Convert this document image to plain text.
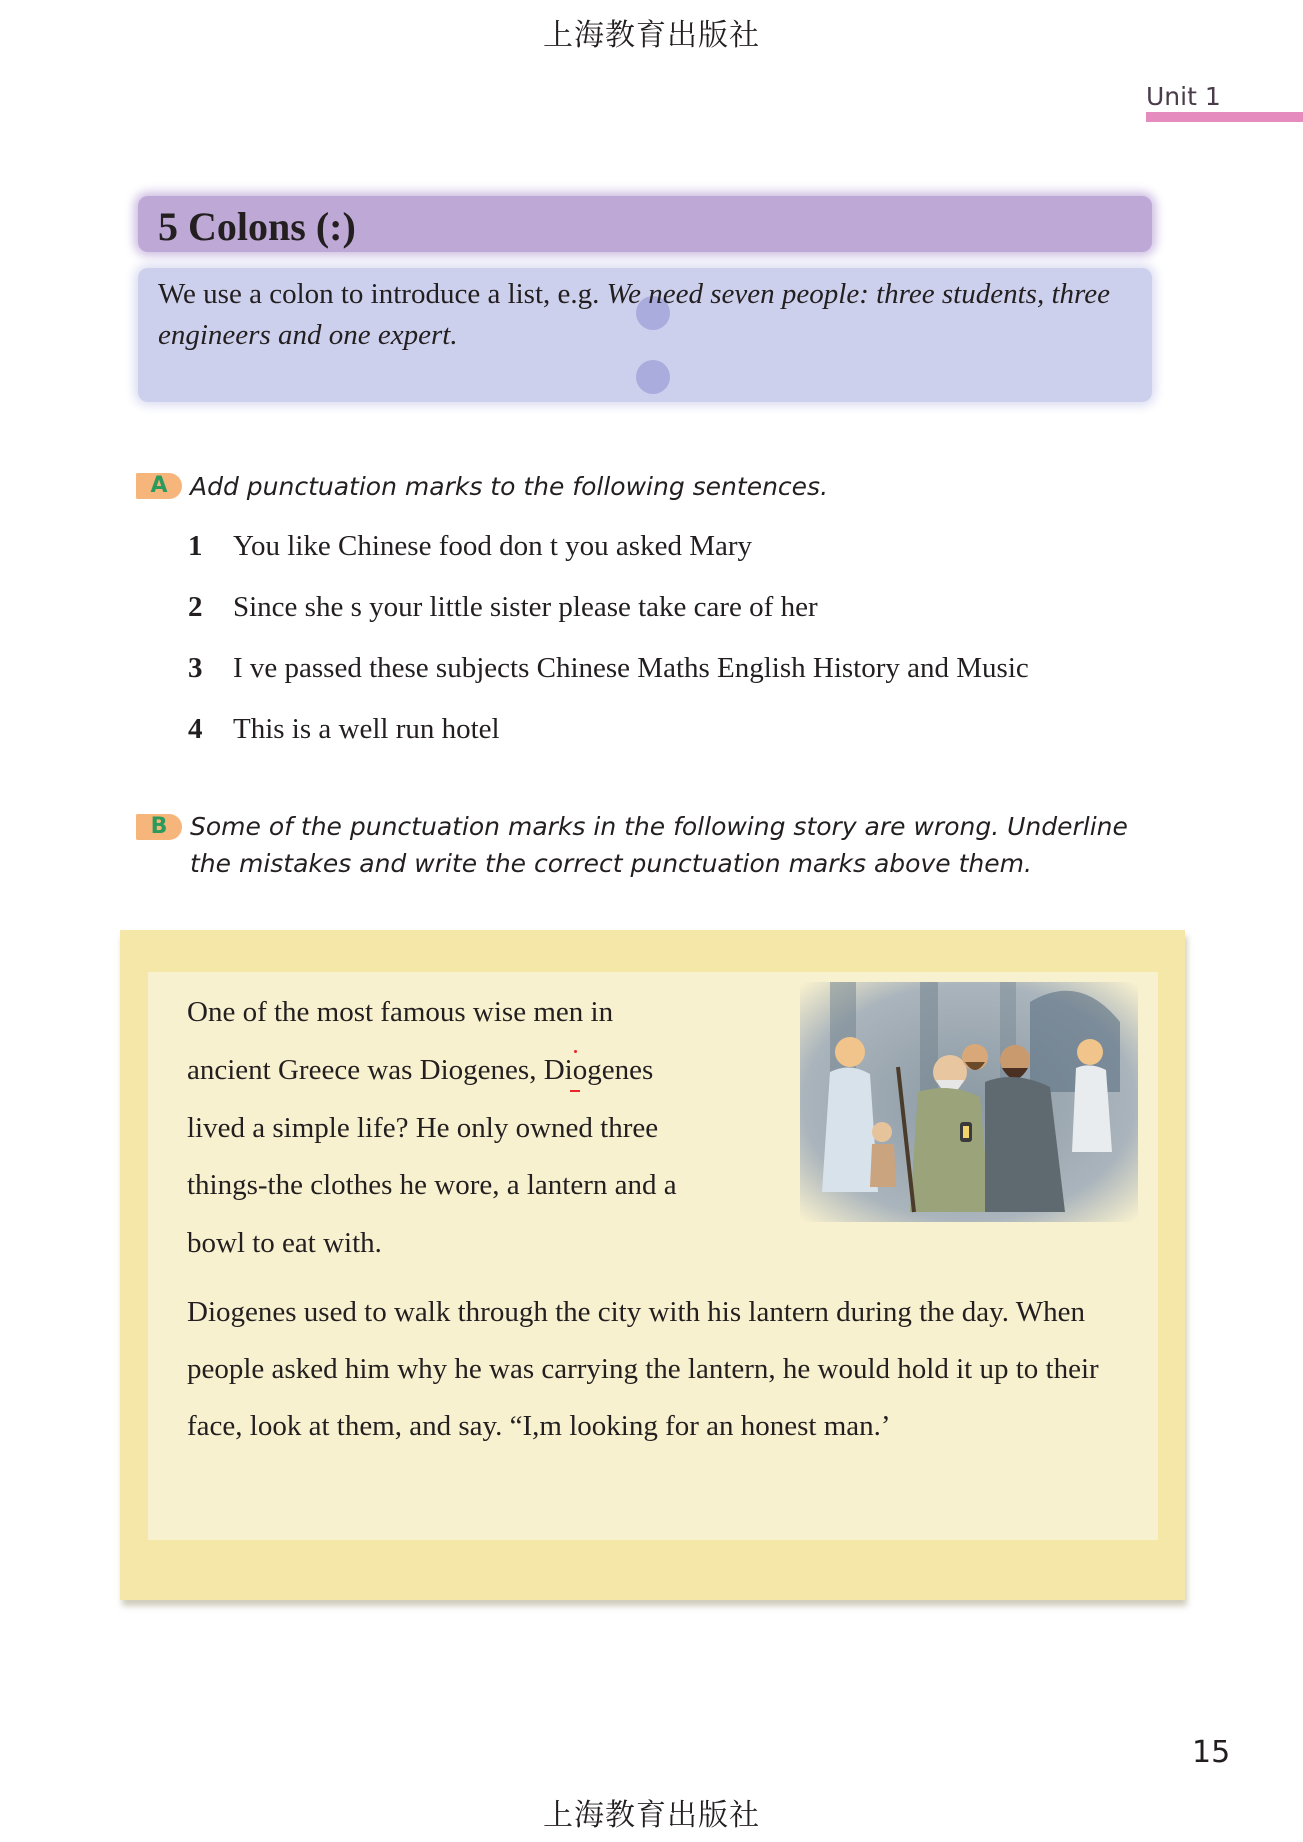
上海教育出版社
Unit 1
5 Colons (:)
We use a colon to introduce a list, e.g. We need seven people: three students, three engineers and one expert.
A Add punctuation marks to the following sentences.
1 You like Chinese food don t you asked Mary
2 Since she s your little sister please take care of her
3 I ve passed these subjects Chinese Maths English History and Music
4 This is a well run hotel
B Some of the punctuation marks in the following story are wrong. Underline the mistakes and write the correct punctuation marks above them.
One of the most famous wise men in
ancient Greece was Diogenes, Diogenes
lived a simple life? He only owned three
things-the clothes he wore, a lantern and a
bowl to eat with.
Diogenes used to walk through the city with his lantern during the day. When people asked him why he was carrying the lantern, he would hold it up to their face, look at them, and say. “I,m looking for an honest man.’
15
上海教育出版社
